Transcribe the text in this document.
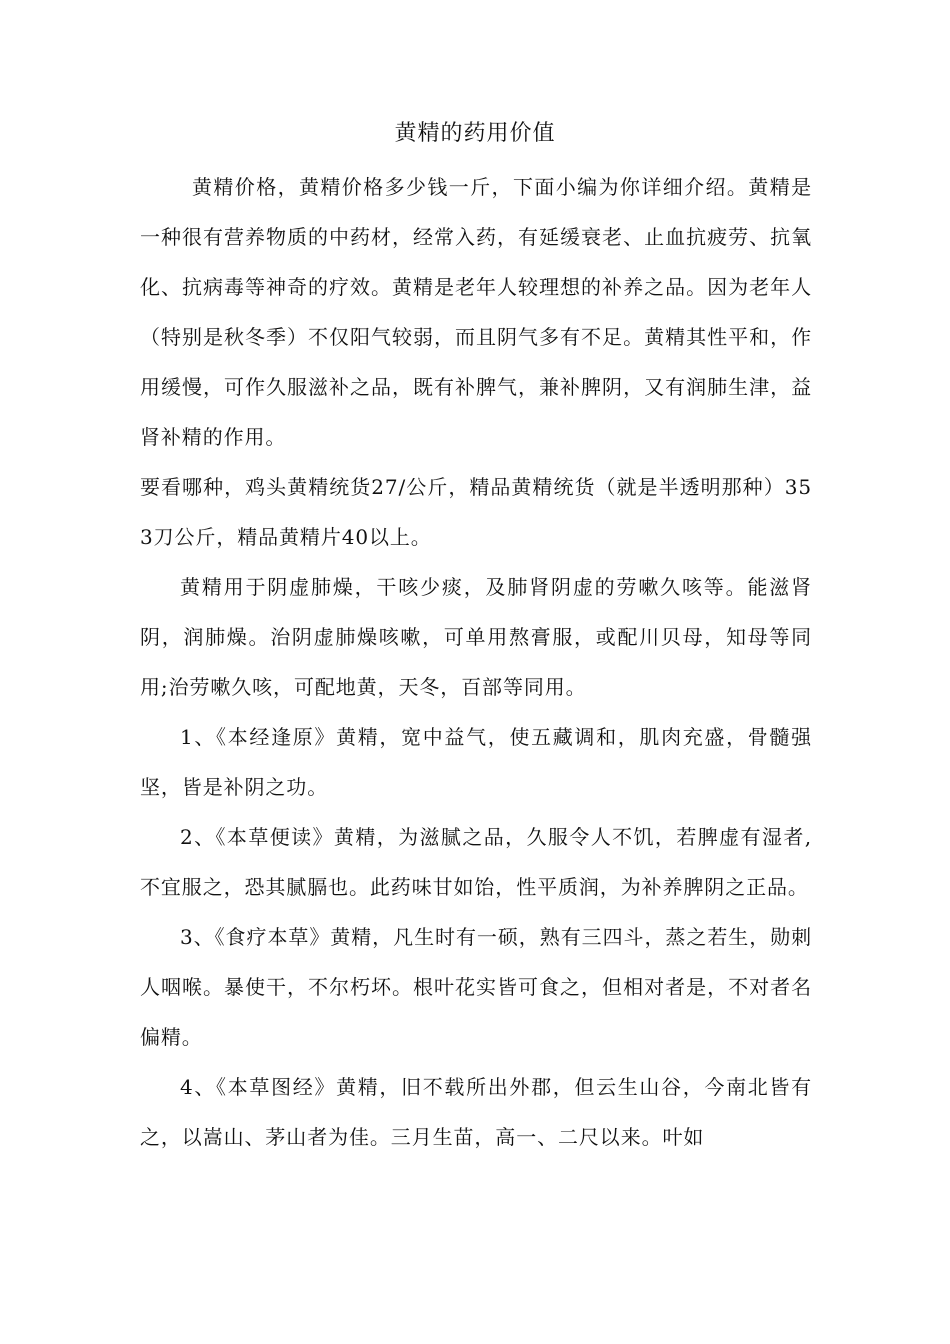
黄精的药用价值

黄精价格，黄精价格多少钱一斤，下面小编为你详细介绍。黄精是一种很有营养物质的中药材，经常入药，有延缓衰老、止血抗疲劳、抗氧化、抗病毒等神奇的疗效。黄精是老年人较理想的补养之品。因为老年人（特别是秋冬季）不仅阳气较弱，而且阴气多有不足。黄精其性平和，作用缓慢，可作久服滋补之品，既有补脾气，兼补脾阴，又有润肺生津，益肾补精的作用。

要看哪种，鸡头黄精统货27/公斤，精品黄精统货（就是半透明那种）353刀公斤，精品黄精片40以上。

黄精用于阴虚肺燥，干咳少痰，及肺肾阴虚的劳嗽久咳等。能滋肾阴，润肺燥。治阴虚肺燥咳嗽，可单用熬膏服，或配川贝母，知母等同用;治劳嗽久咳，可配地黄，天冬，百部等同用。

1、《本经逢原》黄精，宽中益气，使五藏调和，肌肉充盛，骨髓强坚，皆是补阴之功。

2、《本草便读》黄精，为滋腻之品，久服令人不饥，若脾虚有湿者,不宜服之，恐其腻膈也。此药味甘如饴，性平质润，为补养脾阴之正品。

3、《食疗本草》黄精，凡生时有一硕，熟有三四斗，蒸之若生，勋刺人咽喉。暴使干，不尔朽坏。根叶花实皆可食之，但相对者是，不对者名偏精。

4、《本草图经》黄精，旧不载所出外郡，但云生山谷，今南北皆有之，以嵩山、茅山者为佳。三月生苗，高一、二尺以来。叶如
